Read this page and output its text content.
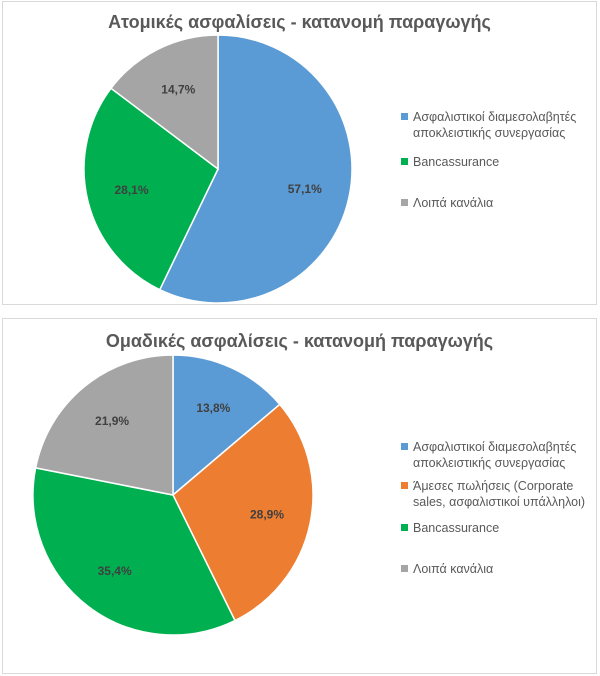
Ατομικές ασφαλίσεις - κατανομή παραγωγής
57,1%
28,1%
14,7%
Ασφαλιστικοί διαμεσολαβητές
αποκλειστικής συνεργασίας
Bancassurance
Λοιπά κανάλια
Ομαδικές ασφαλίσεις - κατανομή παραγωγής
13,8%
28,9%
35,4%
21,9%
Ασφαλιστικοί διαμεσολαβητές
αποκλειστικής συνεργασίας
Άμεσες πωλήσεις (Corporate
sales, ασφαλιστικοί υπάλληλοι)
Bancassurance
Λοιπά κανάλια
